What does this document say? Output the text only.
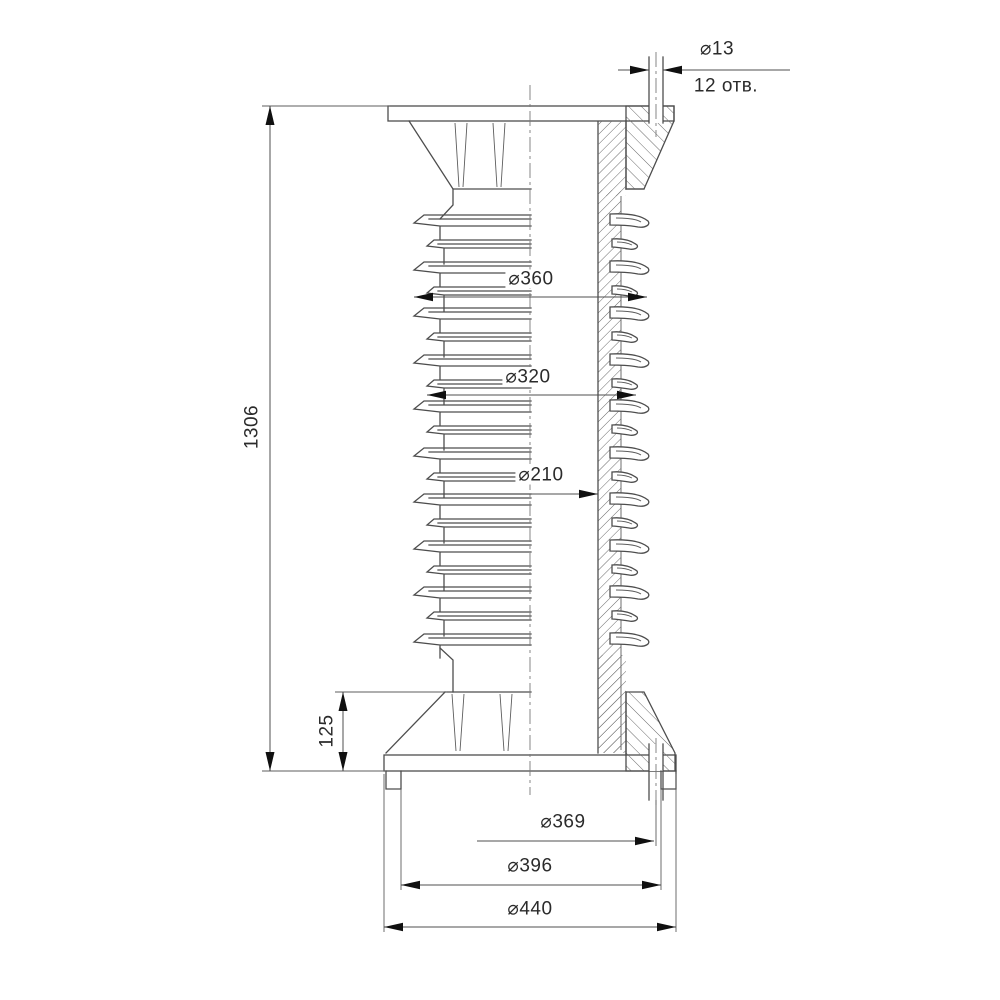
⌀13
12 отв.
1306
125
⌀360
⌀320
⌀210
⌀369
⌀396
⌀440
